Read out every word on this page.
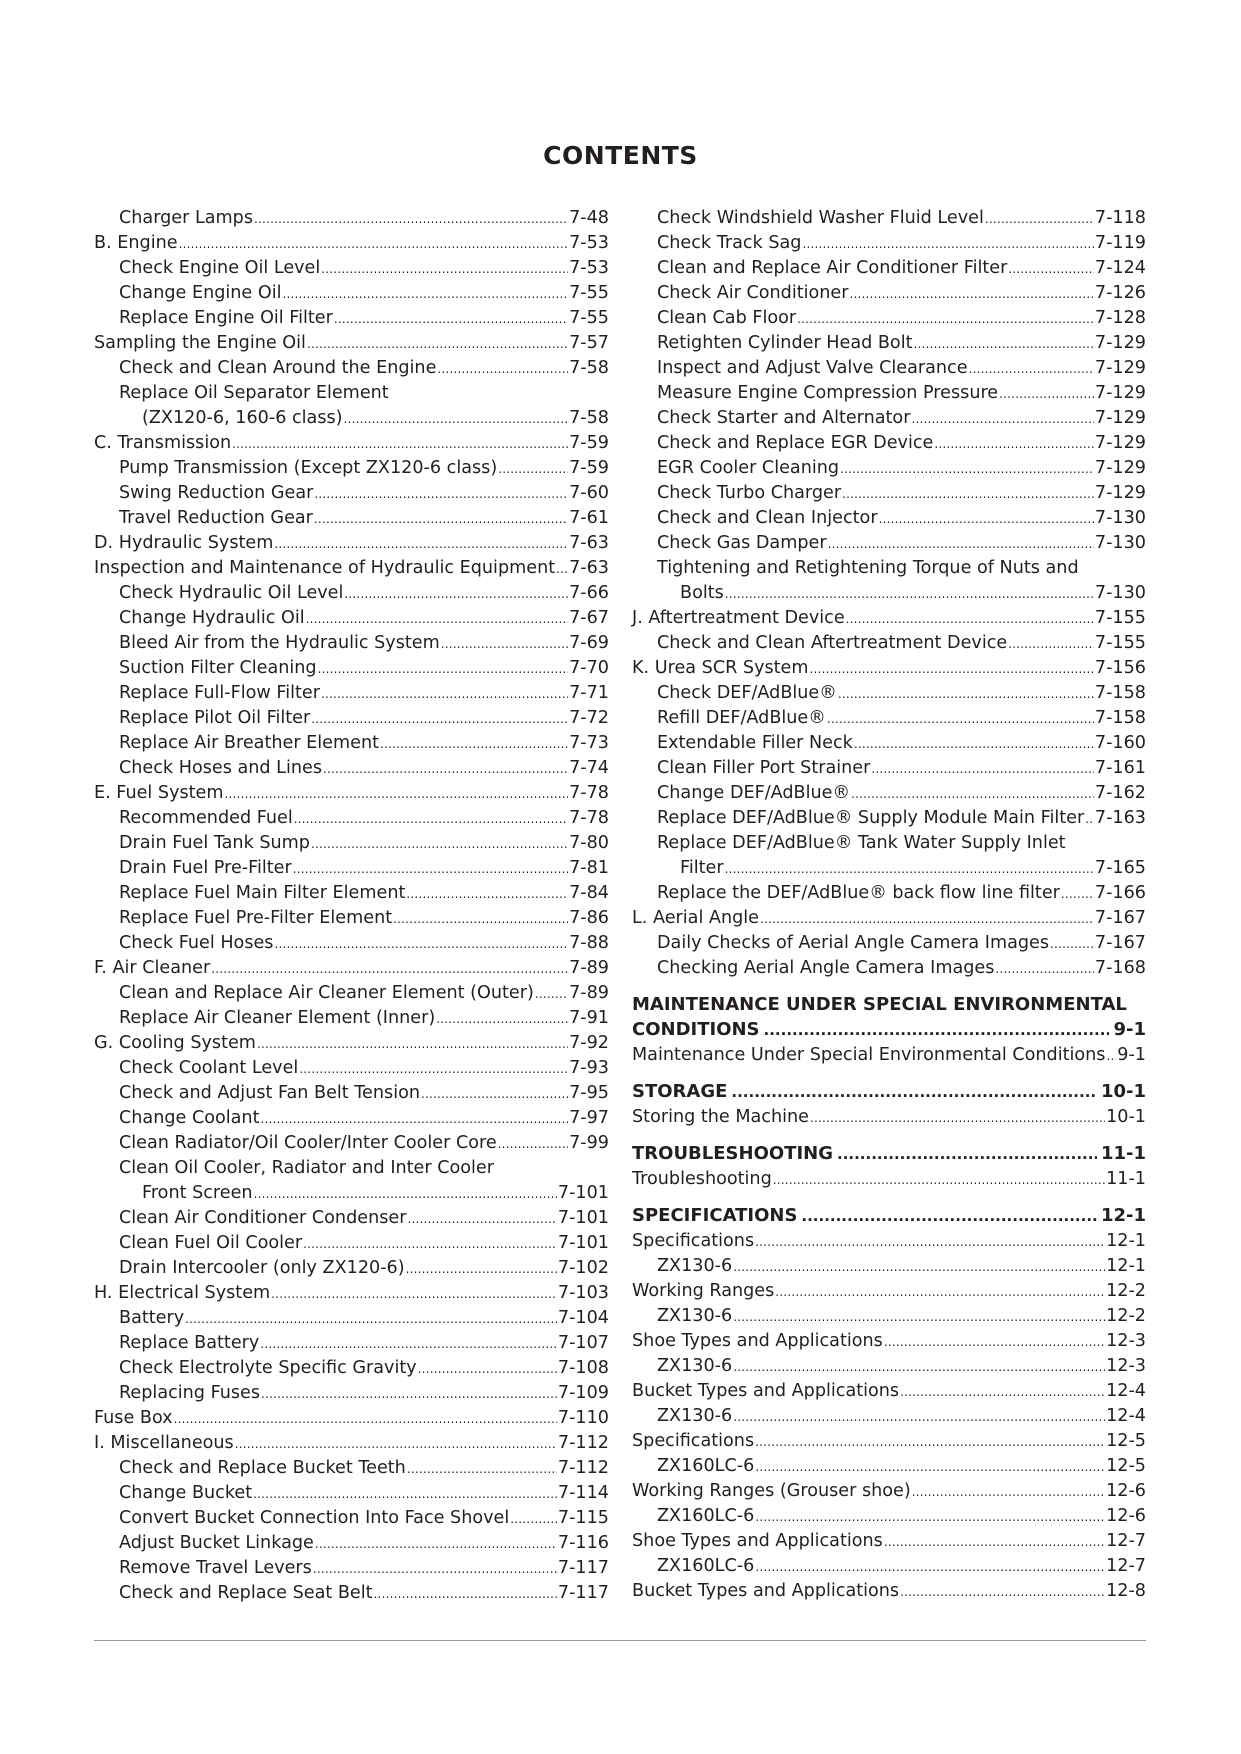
CONTENTS
Charger Lamps .....	7-48
B. Engine .....	7-53
Check Engine Oil Level .....	7-53
Change Engine Oil .....	7-55
Replace Engine Oil Filter .....	7-55
Sampling the Engine Oil .....	7-57
Check and Clean Around the Engine .....	7-58
Replace Oil Separator Element
(ZX120-6, 160-6 class) .....	7-58
C. Transmission .....	7-59
Pump Transmission (Except ZX120-6 class) .....	7-59
Swing Reduction Gear .....	7-60
Travel Reduction Gear .....	7-61
D. Hydraulic System .....	7-63
Inspection and Maintenance of Hydraulic Equipment ..... 7-63
Check Hydraulic Oil Level .....	7-66
Change Hydraulic Oil .....	7-67
Bleed Air from the Hydraulic System .....	7-69
Suction Filter Cleaning .....	7-70
Replace Full-Flow Filter .....	7-71
Replace Pilot Oil Filter .....	7-72
Replace Air Breather Element .....	7-73
Check Hoses and Lines .....	7-74
E. Fuel System .....	7-78
Recommended Fuel .....	7-78
Drain Fuel Tank Sump .....	7-80
Drain Fuel Pre-Filter .....	7-81
Replace Fuel Main Filter Element .....	7-84
Replace Fuel Pre-Filter Element .....	7-86
Check Fuel Hoses .....	7-88
F. Air Cleaner .....	7-89
Clean and Replace Air Cleaner Element (Outer) ..... 7-89
Replace Air Cleaner Element (Inner) .....	7-91
G. Cooling System .....	7-92
Check Coolant Level .....	7-93
Check and Adjust Fan Belt Tension .....	7-95
Change Coolant .....	7-97
Clean Radiator/Oil Cooler/Inter Cooler Core .....	7-99
Clean Oil Cooler, Radiator and Inter Cooler
Front Screen .....	7-101
Clean Air Conditioner Condenser .....	7-101
Clean Fuel Oil Cooler .....	7-101
Drain Intercooler (only ZX120-6) .....	7-102
H. Electrical System .....	7-103
Battery .....	7-104
Replace Battery .....	7-107
Check Electrolyte Specific Gravity .....	7-108
Replacing Fuses .....	7-109
Fuse Box .....	7-110
I. Miscellaneous .....	7-112
Check and Replace Bucket Teeth .....	7-112
Change Bucket .....	7-114
Convert Bucket Connection Into Face Shovel .....	7-115
Adjust Bucket Linkage .....	7-116
Remove Travel Levers .....	7-117
Check and Replace Seat Belt .....	7-117
Check Windshield Washer Fluid Level .....	7-118
Check Track Sag .....	7-119
Clean and Replace Air Conditioner Filter .....	7-124
Check Air Conditioner .....	7-126
Clean Cab Floor .....	7-128
Retighten Cylinder Head Bolt .....	7-129
Inspect and Adjust Valve Clearance .....	7-129
Measure Engine Compression Pressure .....	7-129
Check Starter and Alternator .....	7-129
Check and Replace EGR Device .....	7-129
EGR Cooler Cleaning .....	7-129
Check Turbo Charger .....	7-129
Check and Clean Injector .....	7-130
Check Gas Damper .....	7-130
Tightening and Retightening Torque of Nuts and
Bolts .....	7-130
J. Aftertreatment Device .....	7-155
Check and Clean Aftertreatment Device .....	7-155
K. Urea SCR System .....	7-156
Check DEF/AdBlue® .....	7-158
Refill DEF/AdBlue® .....	7-158
Extendable Filler Neck .....	7-160
Clean Filler Port Strainer .....	7-161
Change DEF/AdBlue® .....	7-162
Replace DEF/AdBlue® Supply Module Main Filter ..... 7-163
Replace DEF/AdBlue® Tank Water Supply Inlet
Filter .....	7-165
Replace the DEF/AdBlue® back flow line filter ..... 7-166
L. Aerial Angle .....	7-167
Daily Checks of Aerial Angle Camera Images .....	7-167
Checking Aerial Angle Camera Images .....	7-168
MAINTENANCE UNDER SPECIAL ENVIRONMENTAL
CONDITIONS .....	9-1
Maintenance Under Special Environmental Conditions ..... 9-1
STORAGE .....	10-1
Storing the Machine .....	10-1
TROUBLESHOOTING .....	11-1
Troubleshooting .....	11-1
SPECIFICATIONS .....	12-1
Specifications .....	12-1
ZX130-6 .....	12-1
Working Ranges .....	12-2
ZX130-6 .....	12-2
Shoe Types and Applications .....	12-3
ZX130-6 .....	12-3
Bucket Types and Applications .....	12-4
ZX130-6 .....	12-4
Specifications .....	12-5
ZX160LC-6 .....	12-5
Working Ranges (Grouser shoe) .....	12-6
ZX160LC-6 .....	12-6
Shoe Types and Applications .....	12-7
ZX160LC-6 .....	12-7
Bucket Types and Applications .....	12-8
